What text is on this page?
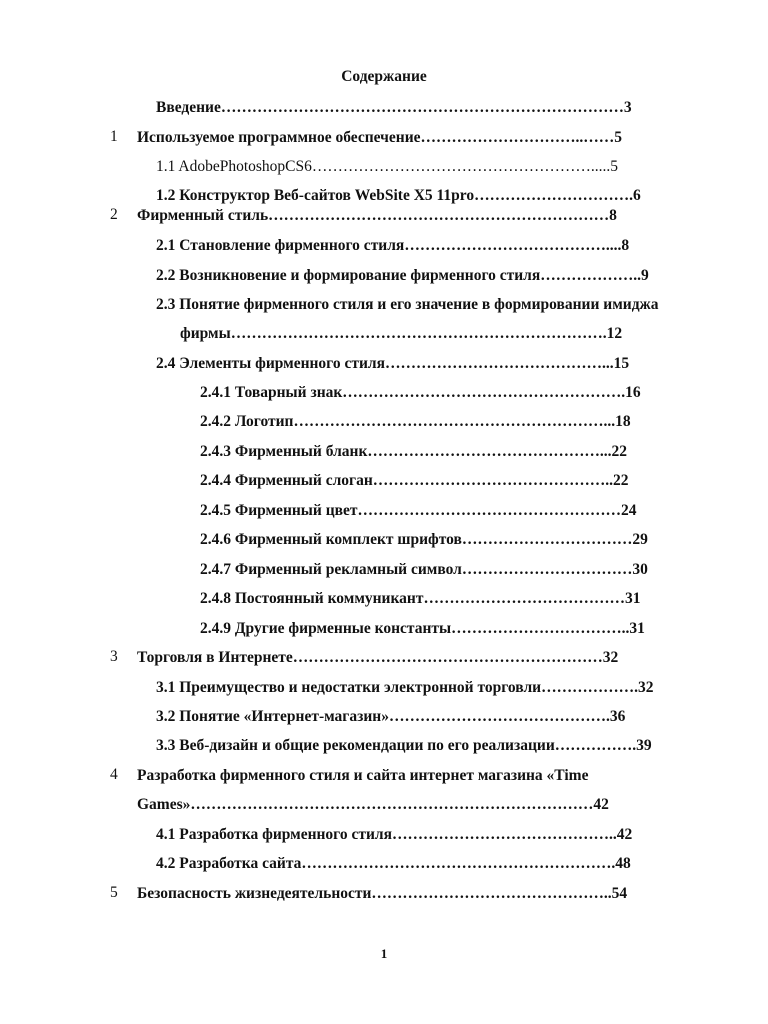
Содержание
Введение……………………………………………………………………3
1 Используемое программное обеспечение…………………………..……5
1.1 AdobePhotoshopCS6……………………………………………….....5
1.2 Конструктор Веб-сайтов WebSite X5 11pro………………………….6
2 Фирменный стиль…………………………………………………………8
2.1 Становление фирменного стиля…………………………………....8
2.2 Возникновение и формирование фирменного стиля………………..9
2.3 Понятие фирменного стиля и его значение в формировании имиджа
фирмы……………………………………………………………….12
2.4 Элементы фирменного стиля……………………………………...15
2.4.1 Товарный знак……………………………………………….16
2.4.2 Логотип……………………………………………………...18
2.4.3 Фирменный бланк………………………………………...22
2.4.4 Фирменный слоган………………………………………..22
2.4.5 Фирменный цвет……………………………………………24
2.4.6 Фирменный комплект шрифтов……………………………29
2.4.7 Фирменный рекламный символ……………………………30
2.4.8 Постоянный коммуникант…………………………………31
2.4.9 Другие фирменные константы……………………………..31
3 Торговля в Интернете……………………………………………………32
3.1 Преимущество и недостатки электронной торговли……………….32
3.2 Понятие «Интернет-магазин»…………………………………….36
3.3 Веб-дизайн и общие рекомендации по его реализации…………….39
4 Разработка фирменного стиля и сайта интернет магазина «Time
Games»……………………………………………………………………42
4.1 Разработка фирменного стиля……………………………………..42
4.2 Разработка сайта…………………………………………………….48
5 Безопасность жизнедеятельности………………………………………..54
1
